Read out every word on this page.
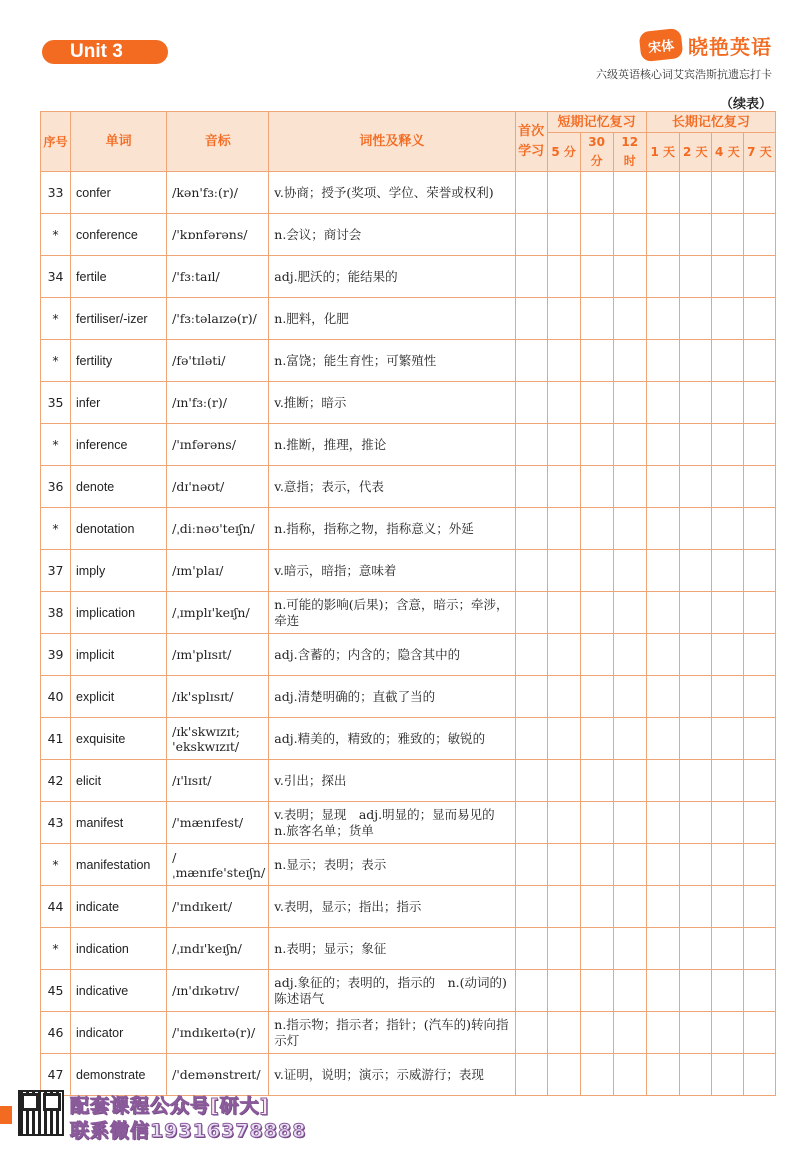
Unit 3	宋体 晓艳英语
六级英语核心词艾宾浩斯抗遗忘打卡
（续表）
序号	单词	音标	词性及释义	首次学习	短期记忆复习			长期记忆复习			
					5 分	30 分	12 时	1 天	2 天	4 天	7 天
33	confer	/kən'fɜː(r)/	v.协商；授予(奖项、学位、荣誉或权利)								
*	conference	/'kɒnfərəns/	n.会议；商讨会								
34	fertile	/'fɜːtaɪl/	adj.肥沃的；能结果的								
*	fertiliser/-izer	/'fɜːtəlaɪzə(r)/	n.肥料，化肥								
*	fertility	/fə'tɪləti/	n.富饶；能生育性；可繁殖性								
35	infer	/ɪn'fɜː(r)/	v.推断；暗示								
*	inference	/'ɪnfərəns/	n.推断，推理，推论								
36	denote	/dɪ'nəʊt/	v.意指；表示，代表								
*	denotation	/ˌdiːnəʊ'teɪʃn/	n.指称，指称之物，指称意义；外延								
37	imply	/ɪm'plaɪ/	v.暗示，暗指；意味着								
38	implication	/ˌɪmplɪ'keɪʃn/	n.可能的影响(后果)；含意，暗示；牵涉，牵连								
39	implicit	/ɪm'plɪsɪt/	adj.含蓄的；内含的；隐含其中的								
40	explicit	/ɪk'splɪsɪt/	adj.清楚明确的；直截了当的								
41	exquisite	/ɪk'skwɪzɪt; 'ekskwɪzɪt/	adj.精美的，精致的；雅致的；敏锐的								
42	elicit	/ɪ'lɪsɪt/	v.引出；探出								
43	manifest	/'mænɪfest/	v.表明；显现　adj.明显的；显而易见的　n.旅客名单；货单								
*	manifestation	/ˌmænɪfe'steɪʃn/	n.显示；表明；表示								
44	indicate	/'ɪndɪkeɪt/	v.表明，显示；指出；指示								
*	indication	/ˌɪndɪ'keɪʃn/	n.表明；显示；象征								
45	indicative	/ɪn'dɪkətɪv/	adj.象征的；表明的，指示的　n.(动词的)陈述语气								
46	indicator	/'ɪndɪkeɪtə(r)/	n.指示物；指示者；指针；(汽车的)转向指示灯								
47	demonstrate	/'demənstreɪt/	v.证明，说明；演示；示威游行；表现								
配套课程公众号[研大]
联系微信19316378888
